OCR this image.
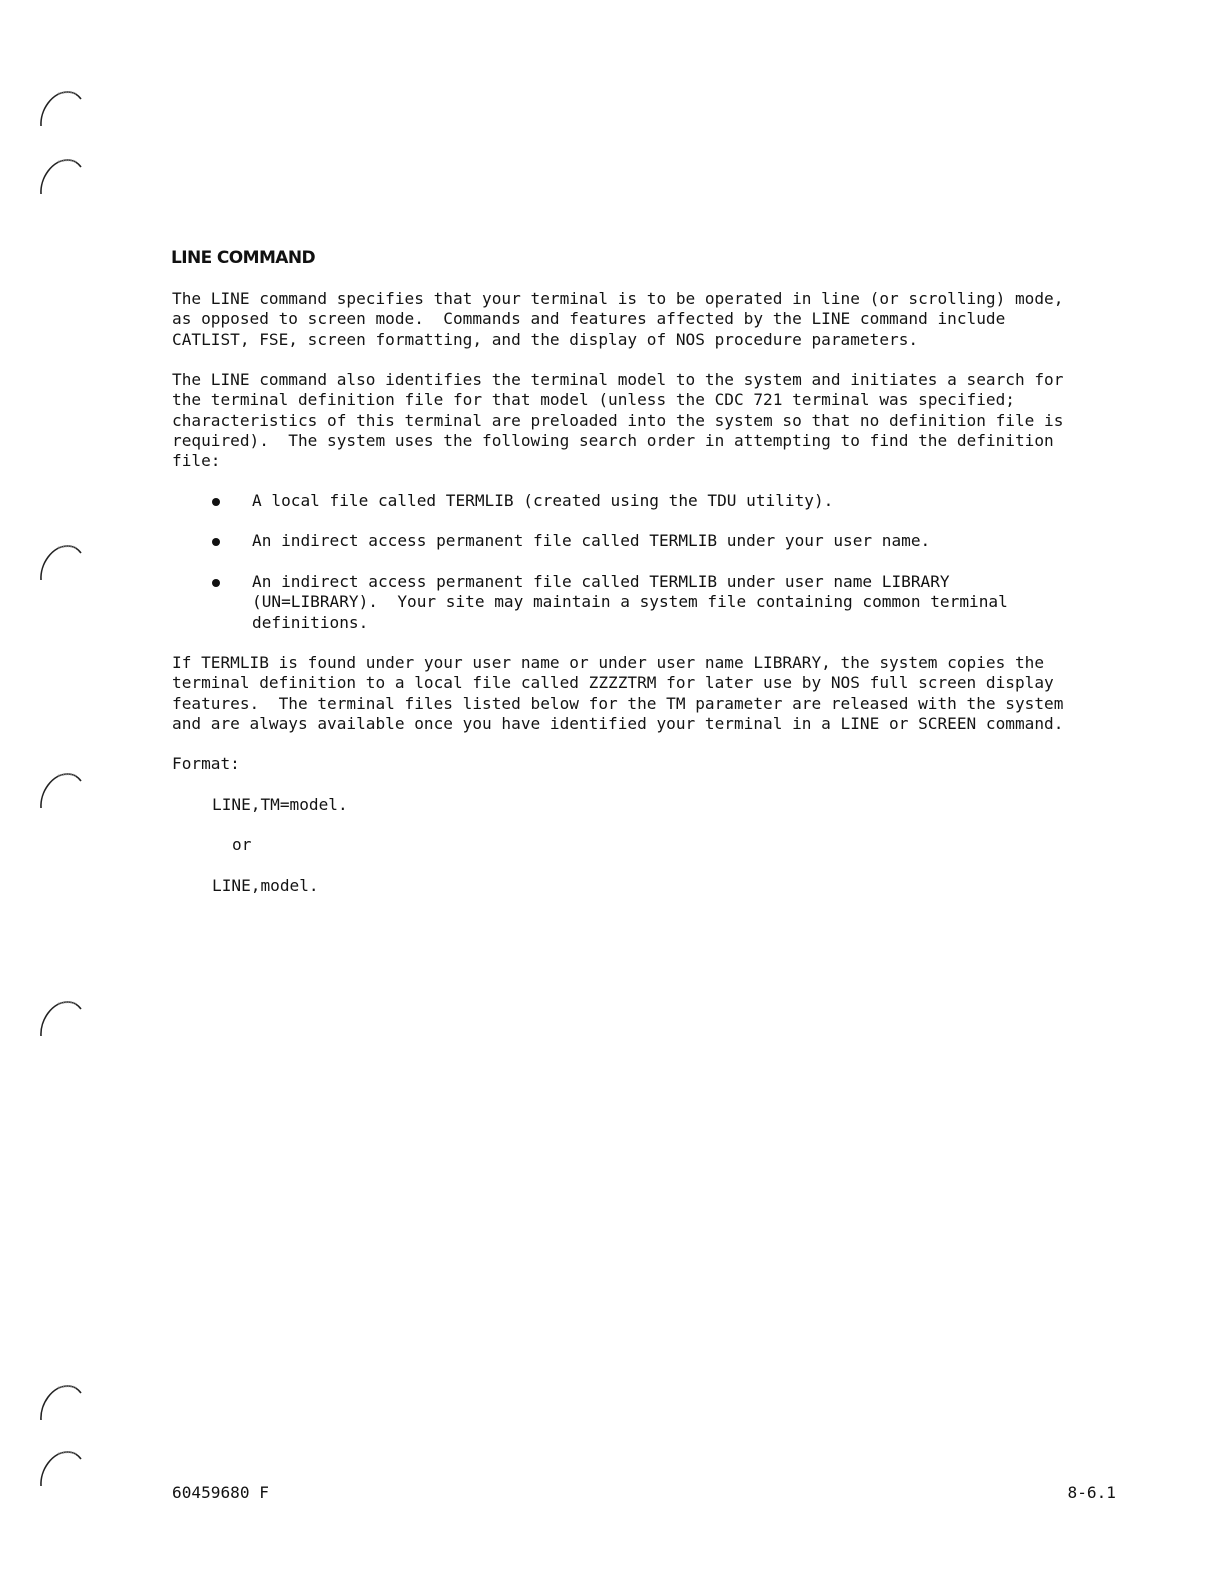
LINE COMMAND
The LINE command specifies that your terminal is to be operated in line (or scrolling) mode,
as opposed to screen mode.  Commands and features affected by the LINE command include
CATLIST, FSE, screen formatting, and the display of NOS procedure parameters.
The LINE command also identifies the terminal model to the system and initiates a search for
the terminal definition file for that model (unless the CDC 721 terminal was specified;
characteristics of this terminal are preloaded into the system so that no definition file is
required).  The system uses the following search order in attempting to find the definition
file:

A local file called TERMLIB (created using the TDU utility).

An indirect access permanent file called TERMLIB under your user name.

An indirect access permanent file called TERMLIB under user name LIBRARY
(UN=LIBRARY).  Your site may maintain a system file containing common terminal
definitions.

If TERMLIB is found under your user name or under user name LIBRARY, the system copies the
terminal definition to a local file called ZZZZTRM for later use by NOS full screen display
features.  The terminal files listed below for the TM parameter are released with the system
and are always available once you have identified your terminal in a LINE or SCREEN command.
Format:
LINE,TM=model.
or
LINE,model.
60459680 F	8-6.1
